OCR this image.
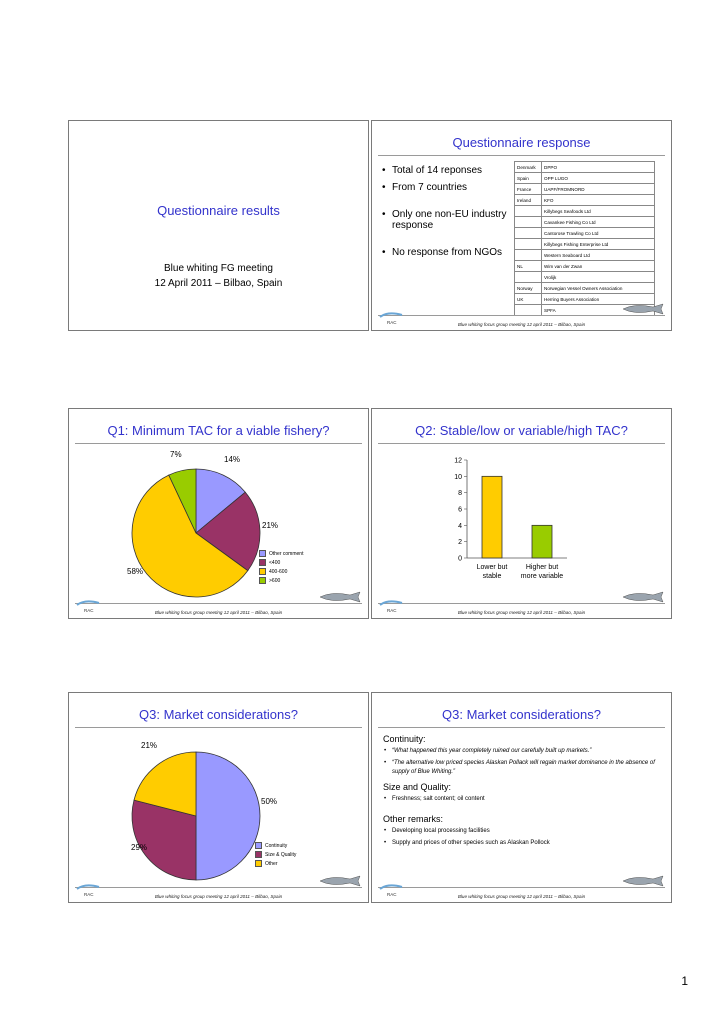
Questionnaire results
Blue whiting FG meeting
12 April 2011 – Bilbao, Spain
Questionnaire response
• Total of 14 reponses
• From 7 countries
• Only one non-EU industry response
• No response from NGOs
Denmark	DPPO
Spain	OPP LUGO
France	UAPF/FROMNORD
Ireland	KFO
	Killybegs Seafoods Ltd
	Cavankee Fishing Co Ltd
	Cantorose Trawling Co Ltd
	Killybegs Fishing Enterprise Ltd
	Western Seaboard Ltd
NL	Wim van der Zwan
	Vrolijk
Norway	Norwegian Vessel Owners Association
UK	Herring Buyers Association
	SPFA
RAC	Blue whiting focus group meeting 12 april 2011 – Bilbao, Spain
Q1: Minimum TAC for a viable fishery?
14%
21%
58%
7%
Other comment
<400
400-600
>600
RAC	Blue whiting focus group meeting 12 april 2011 – Bilbao, Spain
Q2: Stable/low or variable/high TAC?
0
2
4
6
8
10
12
Lower but
stable
Higher but
more variable
RAC	Blue whiting focus group meeting 12 april 2011 – Bilbao, Spain
Q3: Market considerations?
50%
29%
21%
Continuity
Size & Quality
Other
RAC	Blue whiting focus group meeting 12 april 2011 – Bilbao, Spain
Q3: Market considerations?
Continuity:
• “What happened this year completely ruined our carefully built up markets.”
• “The alternative low priced species Alaskan Pollack will regain market dominance in the absence of supply of Blue Whiting.”
Size and Quality:
• Freshness; salt content; oil content
Other remarks:
• Developing local processing facilities
• Supply and prices of other species such as Alaskan Pollock
RAC	Blue whiting focus group meeting 12 april 2011 – Bilbao, Spain
1
